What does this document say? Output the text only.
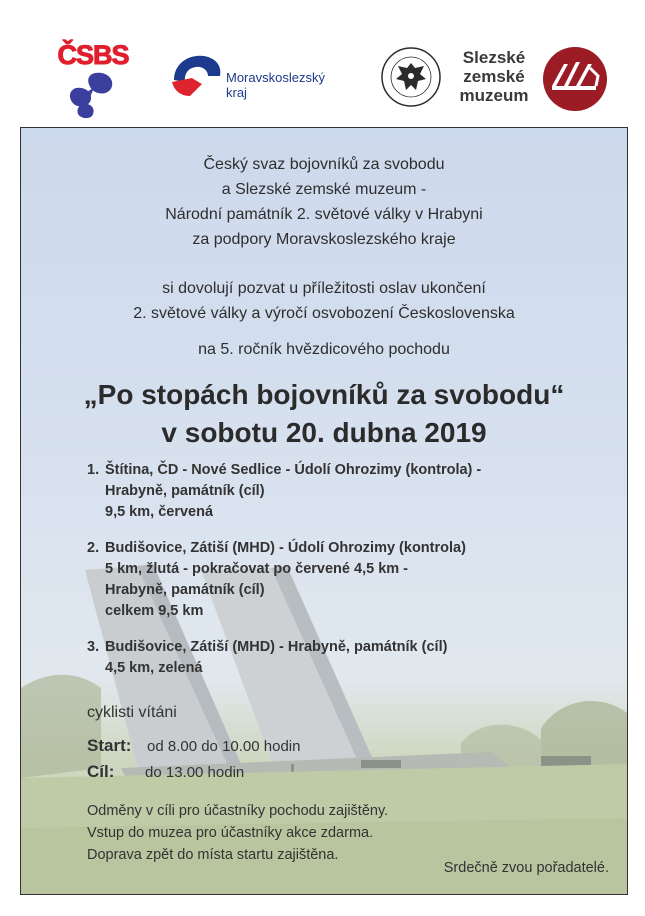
ČSBS
Moravskoslezský
kraj
Slezské
zemské
muzeum
Český svaz bojovníků za svobodu
a Slezské zemské muzeum -
Národní památník 2. světové války v Hrabyni
za podpory Moravskoslezského kraje
si dovolují pozvat u příležitosti oslav ukončení
2. světové války a výročí osvobození Československa
na 5. ročník hvězdicového pochodu
„Po stopách bojovníků za svobodu“
v sobotu 20. dubna 2019
1. Štítina, ČD - Nové Sedlice - Údolí Ohrozimy (kontrola) -
Hrabyně, památník (cíl)
9,5 km, červená
2. Budišovice, Zátiší (MHD) - Údolí Ohrozimy (kontrola)
5 km, žlutá - pokračovat po červené 4,5 km -
Hrabyně, památník (cíl)
celkem 9,5 km
3. Budišovice, Zátiší (MHD) - Hrabyně, památník (cíl)
4,5 km, zelená
cyklisti vítáni
Start: od 8.00 do 10.00 hodin
Cíl: do 13.00 hodin
Odměny v cíli pro účastníky pochodu zajištěny.
Vstup do muzea pro účastníky akce zdarma.
Doprava zpět do místa startu zajištěna.
Srdečně zvou pořadatelé.
